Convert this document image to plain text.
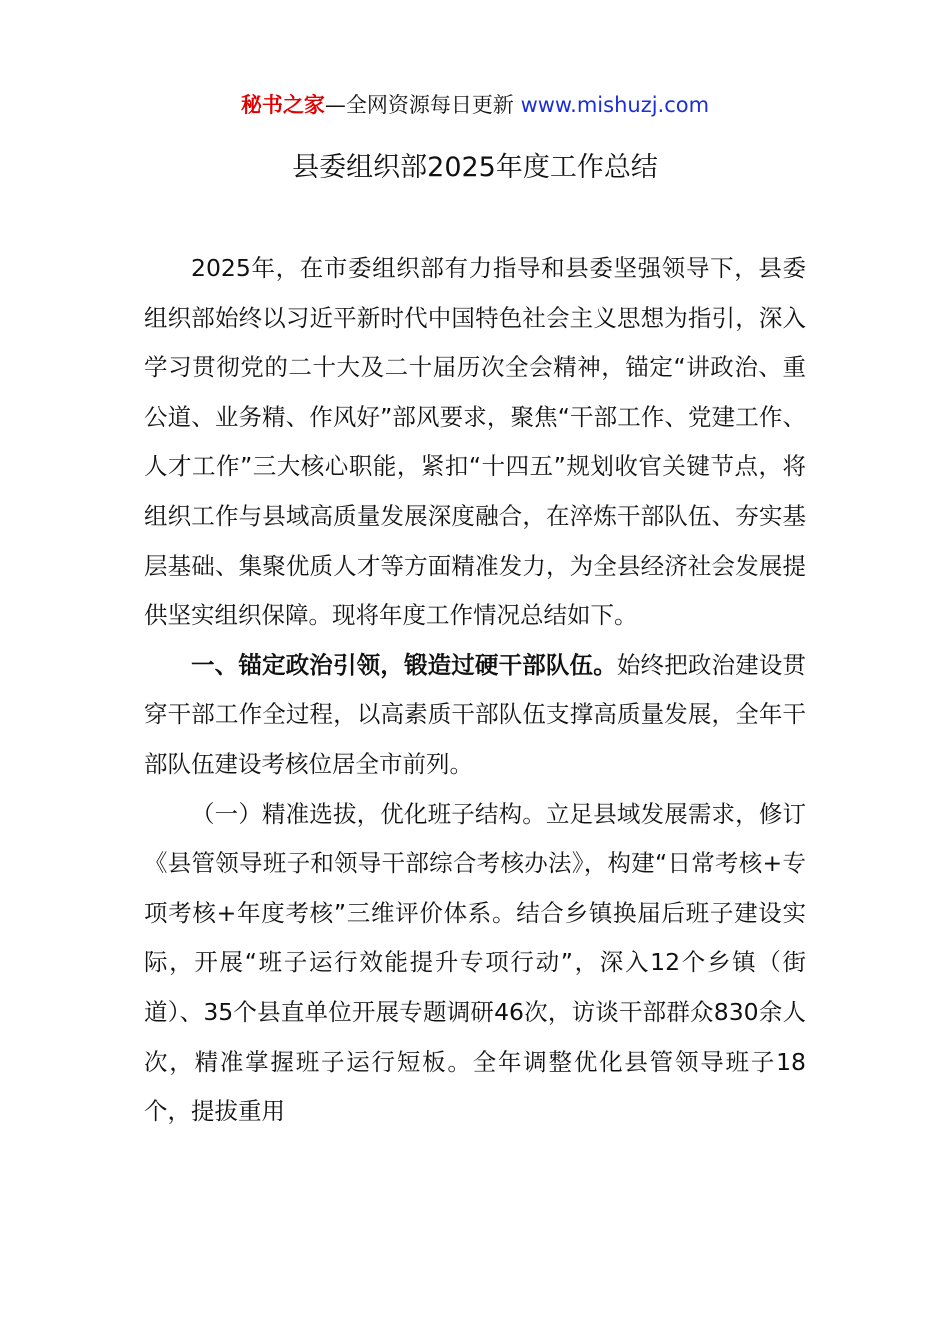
秘书之家—全网资源每日更新 www.mishuzj.com
县委组织部2025年度工作总结

2025年，在市委组织部有力指导和县委坚强领导下，县委组织部始终以习近平新时代中国特色社会主义思想为指引，深入学习贯彻党的二十大及二十届历次全会精神，锚定“讲政治、重公道、业务精、作风好”部风要求，聚焦“干部工作、党建工作、人才工作”三大核心职能，紧扣“十四五”规划收官关键节点，将组织工作与县域高质量发展深度融合，在淬炼干部队伍、夯实基层基础、集聚优质人才等方面精准发力，为全县经济社会发展提供坚实组织保障。现将年度工作情况总结如下。

一、锚定政治引领，锻造过硬干部队伍。始终把政治建设贯穿干部工作全过程，以高素质干部队伍支撑高质量发展，全年干部队伍建设考核位居全市前列。

（一）精准选拔，优化班子结构。立足县域发展需求，修订《县管领导班子和领导干部综合考核办法》，构建“日常考核+专项考核+年度考核”三维评价体系。结合乡镇换届后班子建设实际，开展“班子运行效能提升专项行动”，深入12个乡镇（街道）、35个县直单位开展专题调研46次，访谈干部群众830余人次，精准掌握班子运行短板。全年调整优化县管领导班子18个，提拔重用
